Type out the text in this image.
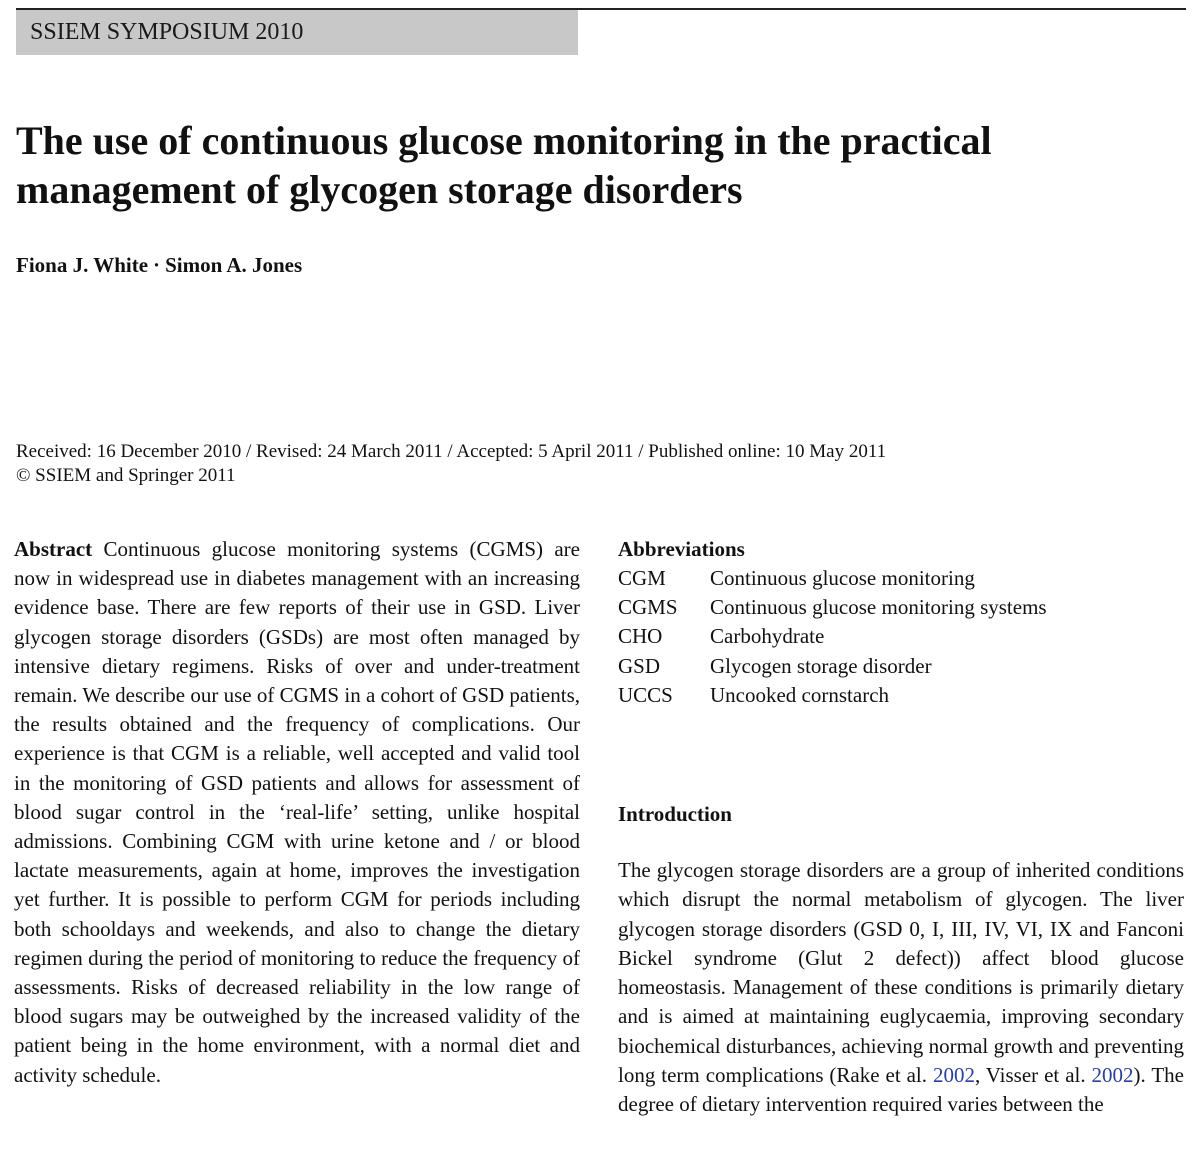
SSIEM SYMPOSIUM 2010
The use of continuous glucose monitoring in the practical
management of glycogen storage disorders
Fiona J. White · Simon A. Jones
Received: 16 December 2010 / Revised: 24 March 2011 / Accepted: 5 April 2011 / Published online: 10 May 2011
© SSIEM and Springer 2011

Abstract Continuous glucose monitoring systems (CGMS) are now in widespread use in diabetes management with an increasing evidence base. There are few reports of their use in GSD. Liver glycogen storage disorders (GSDs) are most often managed by intensive dietary regimens. Risks of over and under-treatment remain. We describe our use of CGMS in a cohort of GSD patients, the results obtained and the frequency of complications. Our experience is that CGM is a reliable, well accepted and valid tool in the monitoring of GSD patients and allows for assessment of blood sugar control in the ‘real-life’ setting, unlike hospital admissions. Combining CGM with urine ketone and / or blood lactate measurements, again at home, improves the investigation yet further. It is possible to perform CGM for periods including both schooldays and weekends, and also to change the dietary regimen during the period of monitoring to reduce the frequency of assessments. Risks of decreased reliability in the low range of blood sugars may be outweighed by the increased validity of the patient being in the home environment, with a normal diet and activity schedule.

Abbreviations
CGM	Continuous glucose monitoring
CGMS	Continuous glucose monitoring systems
CHO	Carbohydrate
GSD	Glycogen storage disorder
UCCS	Uncooked cornstarch
Introduction

The glycogen storage disorders are a group of inherited conditions which disrupt the normal metabolism of glycogen. The liver glycogen storage disorders (GSD 0, I, III, IV, VI, IX and Fanconi Bickel syndrome (Glut 2 defect)) affect blood glucose homeostasis. Management of these conditions is primarily dietary and is aimed at maintaining euglycaemia, improving secondary biochemical disturbances, achieving normal growth and preventing long term complications (Rake et al. 2002, Visser et al. 2002). The degree of dietary intervention required varies between the
